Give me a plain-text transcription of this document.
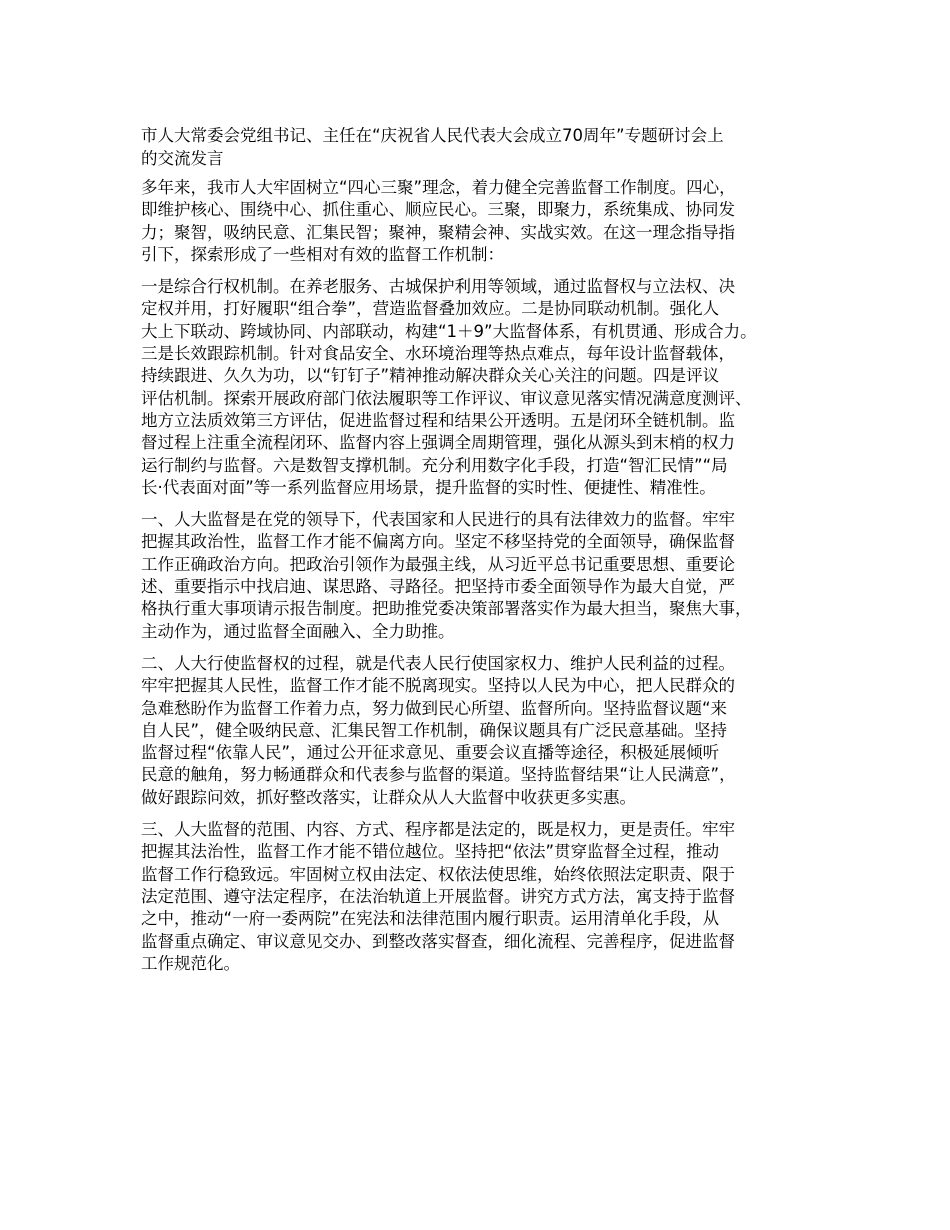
市人大常委会党组书记、主任在“庆祝省人民代表大会成立70周年”专题研讨会上
的交流发言
多年来，我市人大牢固树立“四心三聚”理念，着力健全完善监督工作制度。四心，
即维护核心、围绕中心、抓住重心、顺应民心。三聚，即聚力，系统集成、协同发
力；聚智，吸纳民意、汇集民智；聚神，聚精会神、实战实效。在这一理念指导指
引下，探索形成了一些相对有效的监督工作机制：
一是综合行权机制。在养老服务、古城保护利用等领域，通过监督权与立法权、决
定权并用，打好履职“组合拳”，营造监督叠加效应。二是协同联动机制。强化人
大上下联动、跨域协同、内部联动，构建“1＋9”大监督体系，有机贯通、形成合力。
三是长效跟踪机制。针对食品安全、水环境治理等热点难点，每年设计监督载体，
持续跟进、久久为功，以“钉钉子”精神推动解决群众关心关注的问题。四是评议
评估机制。探索开展政府部门依法履职等工作评议、审议意见落实情况满意度测评、
地方立法质效第三方评估，促进监督过程和结果公开透明。五是闭环全链机制。监
督过程上注重全流程闭环、监督内容上强调全周期管理，强化从源头到末梢的权力
运行制约与监督。六是数智支撑机制。充分利用数字化手段，打造“智汇民情”“局
长·代表面对面”等一系列监督应用场景，提升监督的实时性、便捷性、精准性。
一、人大监督是在党的领导下，代表国家和人民进行的具有法律效力的监督。牢牢
把握其政治性，监督工作才能不偏离方向。坚定不移坚持党的全面领导，确保监督
工作正确政治方向。把政治引领作为最强主线，从习近平总书记重要思想、重要论
述、重要指示中找启迪、谋思路、寻路径。把坚持市委全面领导作为最大自觉，严
格执行重大事项请示报告制度。把助推党委决策部署落实作为最大担当，聚焦大事，
主动作为，通过监督全面融入、全力助推。
二、人大行使监督权的过程，就是代表人民行使国家权力、维护人民利益的过程。
牢牢把握其人民性，监督工作才能不脱离现实。坚持以人民为中心，把人民群众的
急难愁盼作为监督工作着力点，努力做到民心所望、监督所向。坚持监督议题“来
自人民”，健全吸纳民意、汇集民智工作机制，确保议题具有广泛民意基础。坚持
监督过程“依靠人民”，通过公开征求意见、重要会议直播等途径，积极延展倾听
民意的触角，努力畅通群众和代表参与监督的渠道。坚持监督结果“让人民满意”，
做好跟踪问效，抓好整改落实，让群众从人大监督中收获更多实惠。
三、人大监督的范围、内容、方式、程序都是法定的，既是权力，更是责任。牢牢
把握其法治性，监督工作才能不错位越位。坚持把“依法”贯穿监督全过程，推动
监督工作行稳致远。牢固树立权由法定、权依法使思维，始终依照法定职责、限于
法定范围、遵守法定程序，在法治轨道上开展监督。讲究方式方法，寓支持于监督
之中，推动“一府一委两院”在宪法和法律范围内履行职责。运用清单化手段，从
监督重点确定、审议意见交办、到整改落实督查，细化流程、完善程序，促进监督
工作规范化。
